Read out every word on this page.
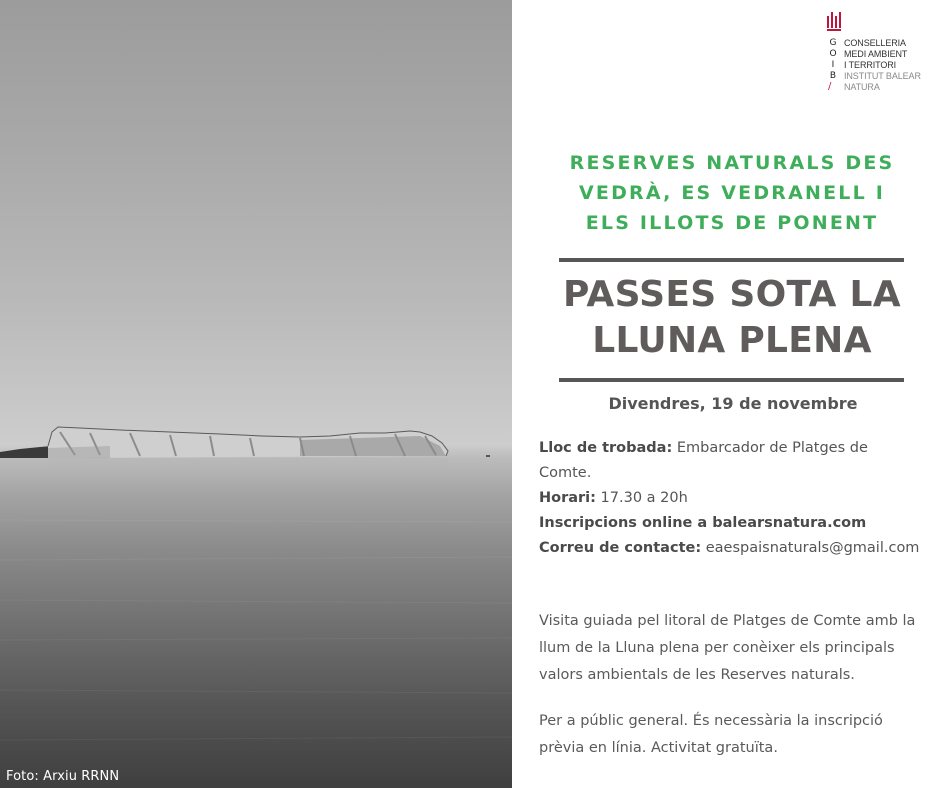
Foto: Arxiu RRNN
G
O
I
B
/
CONSELLERIA
MEDI AMBIENT
I TERRITORI
INSTITUT BALEAR
NATURA
RESERVES NATURALS DES
VEDRÀ, ES VEDRANELL I
ELS ILLOTS DE PONENT
PASSES SOTA LA
LLUNA PLENA
Divendres, 19 de novembre
Lloc de trobada: Embarcador de Platges de
Comte.
Horari: 17.30 a 20h
Inscripcions online a balearsnatura.com
Correu de contacte: eaespaisnaturals@gmail.com
Visita guiada pel litoral de Platges de Comte amb la llum de la Lluna plena per conèixer els principals valors ambientals de les Reserves naturals.
Per a públic general. És necessària la inscripció prèvia en línia. Activitat gratuïta.
